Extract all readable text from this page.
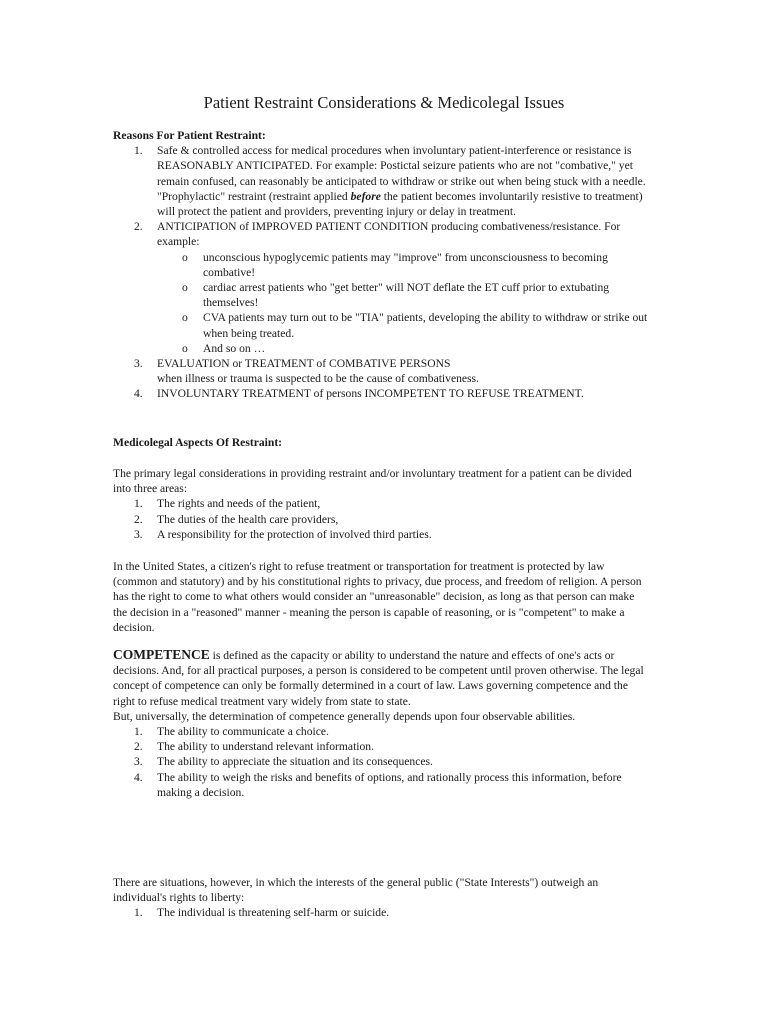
Patient Restraint Considerations & Medicolegal Issues
Reasons For Patient Restraint:
1. Safe & controlled access for medical procedures when involuntary patient-interference or resistance is REASONABLY ANTICIPATED. For example: Postictal seizure patients who are not "combative," yet remain confused, can reasonably be anticipated to withdraw or strike out when being stuck with a needle. "Prophylactic" restraint (restraint applied before the patient becomes involuntarily resistive to treatment) will protect the patient and providers, preventing injury or delay in treatment.
2. ANTICIPATION of IMPROVED PATIENT CONDITION producing combativeness/resistance. For example:
o unconscious hypoglycemic patients may "improve" from unconsciousness to becoming combative!
o cardiac arrest patients who "get better" will NOT deflate the ET cuff prior to extubating themselves!
o CVA patients may turn out to be "TIA" patients, developing the ability to withdraw or strike out when being treated.
o And so on …
3. EVALUATION or TREATMENT of COMBATIVE PERSONS
when illness or trauma is suspected to be the cause of combativeness.
4. INVOLUNTARY TREATMENT of persons INCOMPETENT TO REFUSE TREATMENT.
Medicolegal Aspects Of Restraint:

The primary legal considerations in providing restraint and/or involuntary treatment for a patient can be divided into three areas:

1. The rights and needs of the patient,
2. The duties of the health care providers,
3. A responsibility for the protection of involved third parties.

In the United States, a citizen's right to refuse treatment or transportation for treatment is protected by law (common and statutory) and by his constitutional rights to privacy, due process, and freedom of religion. A person has the right to come to what others would consider an "unreasonable" decision, as long as that person can make the decision in a "reasoned" manner - meaning the person is capable of reasoning, or is "competent" to make a decision.

COMPETENCE is defined as the capacity or ability to understand the nature and effects of one's acts or decisions. And, for all practical purposes, a person is considered to be competent until proven otherwise. The legal concept of competence can only be formally determined in a court of law. Laws governing competence and the right to refuse medical treatment vary widely from state to state.

But, universally, the determination of competence generally depends upon four observable abilities.

1. The ability to communicate a choice.
2. The ability to understand relevant information.
3. The ability to appreciate the situation and its consequences.
4. The ability to weigh the risks and benefits of options, and rationally process this information, before making a decision.

There are situations, however, in which the interests of the general public ("State Interests") outweigh an individual's rights to liberty:

1. The individual is threatening self-harm or suicide.
